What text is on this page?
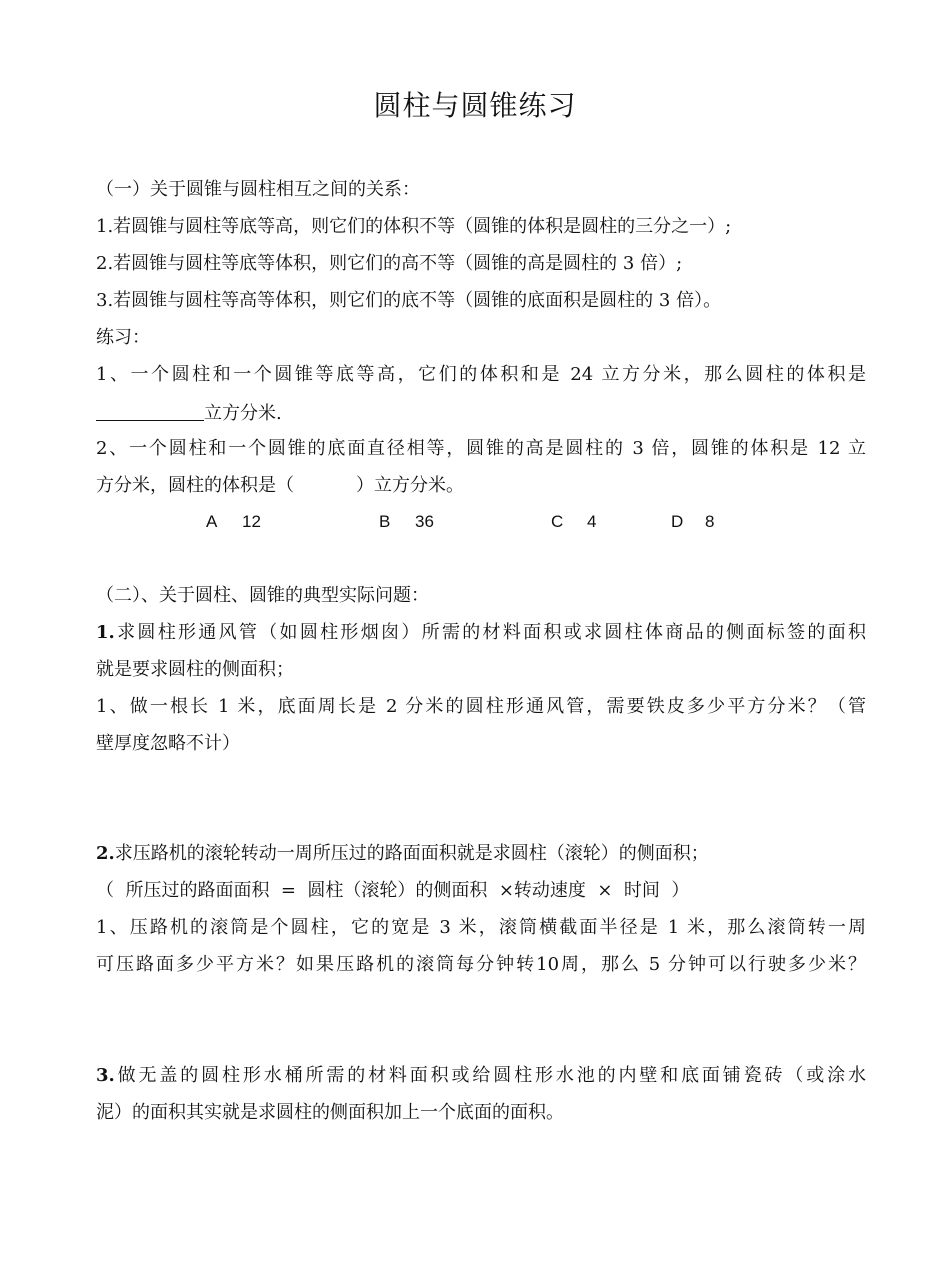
圆柱与圆锥练习
（一）关于圆锥与圆柱相互之间的关系：
1.若圆锥与圆柱等底等高，则它们的体积不等（圆锥的体积是圆柱的三分之一）;
2.若圆锥与圆柱等底等体积，则它们的高不等（圆锥的高是圆柱的 3 倍）;
3.若圆锥与圆柱等高等体积，则它们的底不等（圆锥的底面积是圆柱的 3 倍）。
练习：
1、一个圆柱和一个圆锥等底等高，它们的体积和是 24 立方分米，那么圆柱的体积是
立方分米.
2、一个圆柱和一个圆锥的底面直径相等，圆锥的高是圆柱的 3 倍，圆锥的体积是 12 立
方分米，圆柱的体积是（	）立方分米。
A 12	B 36	C 4	D 8
（二）、关于圆柱、圆锥的典型实际问题：
1.求圆柱形通风管（如圆柱形烟囱）所需的材料面积或求圆柱体商品的侧面标签的面积
就是要求圆柱的侧面积；
1、做一根长 1 米，底面周长是 2 分米的圆柱形通风管，需要铁皮多少平方分米？（管
壁厚度忽略不计）
2.求压路机的滚轮转动一周所压过的路面面积就是求圆柱（滚轮）的侧面积；
（  所压过的路面面积  =  圆柱（滚轮）的侧面积  ×转动速度  ×  时间  ）
1、压路机的滚筒是个圆柱，它的宽是 3 米，滚筒横截面半径是 1 米，那么滚筒转一周
可压路面多少平方米？如果压路机的滚筒每分钟转10周，那么 5 分钟可以行驶多少米？
3.做无盖的圆柱形水桶所需的材料面积或给圆柱形水池的内壁和底面铺瓷砖（或涂水
泥）的面积其实就是求圆柱的侧面积加上一个底面的面积。
